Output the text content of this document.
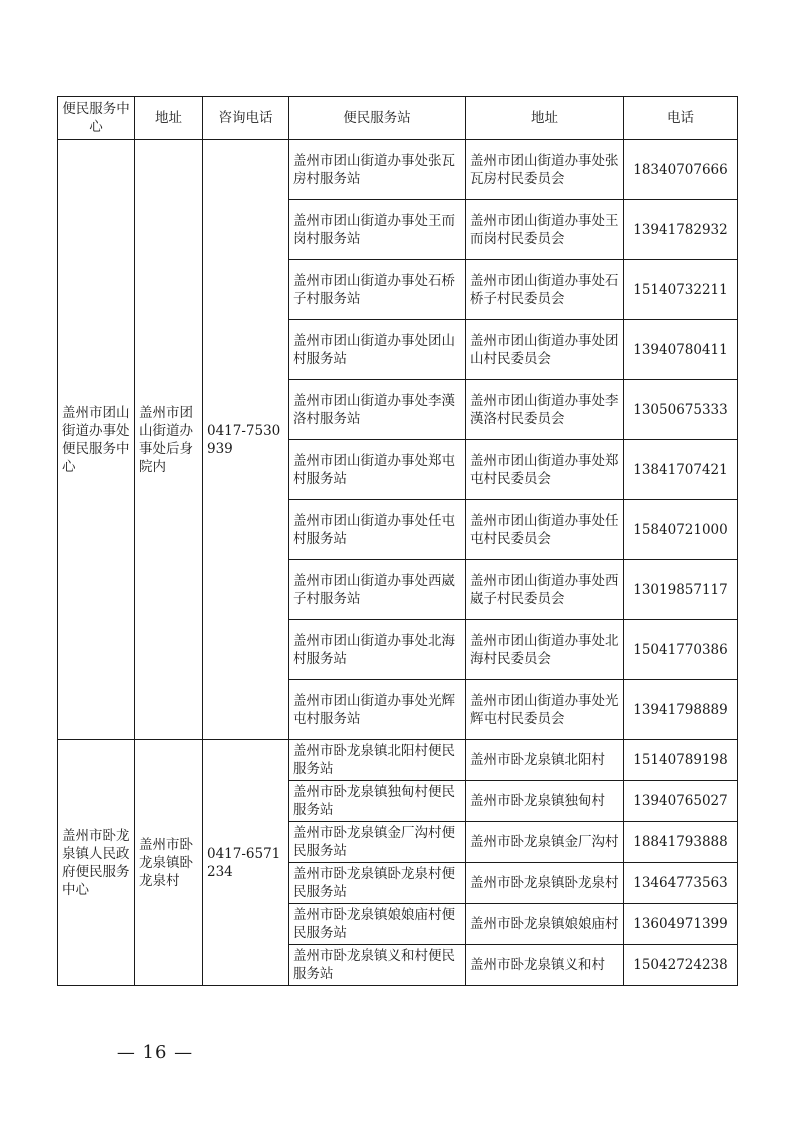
便民服务中心	地址	咨询电话	便民服务站	地址	电话
盖州市团山街道办事处便民服务中心	盖州市团山街道办事处后身院内	0417-7530939	盖州市团山街道办事处张瓦房村服务站	盖州市团山街道办事处张瓦房村民委员会	18340707666
			盖州市团山街道办事处王而岗村服务站	盖州市团山街道办事处王而岗村民委员会	13941782932
			盖州市团山街道办事处石桥子村服务站	盖州市团山街道办事处石桥子村民委员会	15140732211
			盖州市团山街道办事处团山村服务站	盖州市团山街道办事处团山村民委员会	13940780411
			盖州市团山街道办事处李漢洛村服务站	盖州市团山街道办事处李漢洛村民委员会	13050675333
			盖州市团山街道办事处郑屯村服务站	盖州市团山街道办事处郑屯村民委员会	13841707421
			盖州市团山街道办事处任屯村服务站	盖州市团山街道办事处任屯村民委员会	15840721000
			盖州市团山街道办事处西崴子村服务站	盖州市团山街道办事处西崴子村民委员会	13019857117
			盖州市团山街道办事处北海村服务站	盖州市团山街道办事处北海村民委员会	15041770386
			盖州市团山街道办事处光辉屯村服务站	盖州市团山街道办事处光辉屯村民委员会	13941798889
盖州市卧龙泉镇人民政府便民服务中心	盖州市卧龙泉镇卧龙泉村	0417-6571234	盖州市卧龙泉镇北阳村便民服务站	盖州市卧龙泉镇北阳村	15140789198
			盖州市卧龙泉镇独甸村便民服务站	盖州市卧龙泉镇独甸村	13940765027
			盖州市卧龙泉镇金厂沟村便民服务站	盖州市卧龙泉镇金厂沟村	18841793888
			盖州市卧龙泉镇卧龙泉村便民服务站	盖州市卧龙泉镇卧龙泉村	13464773563
			盖州市卧龙泉镇娘娘庙村便民服务站	盖州市卧龙泉镇娘娘庙村	13604971399
			盖州市卧龙泉镇义和村便民服务站	盖州市卧龙泉镇义和村	15042724238
— 16 —
